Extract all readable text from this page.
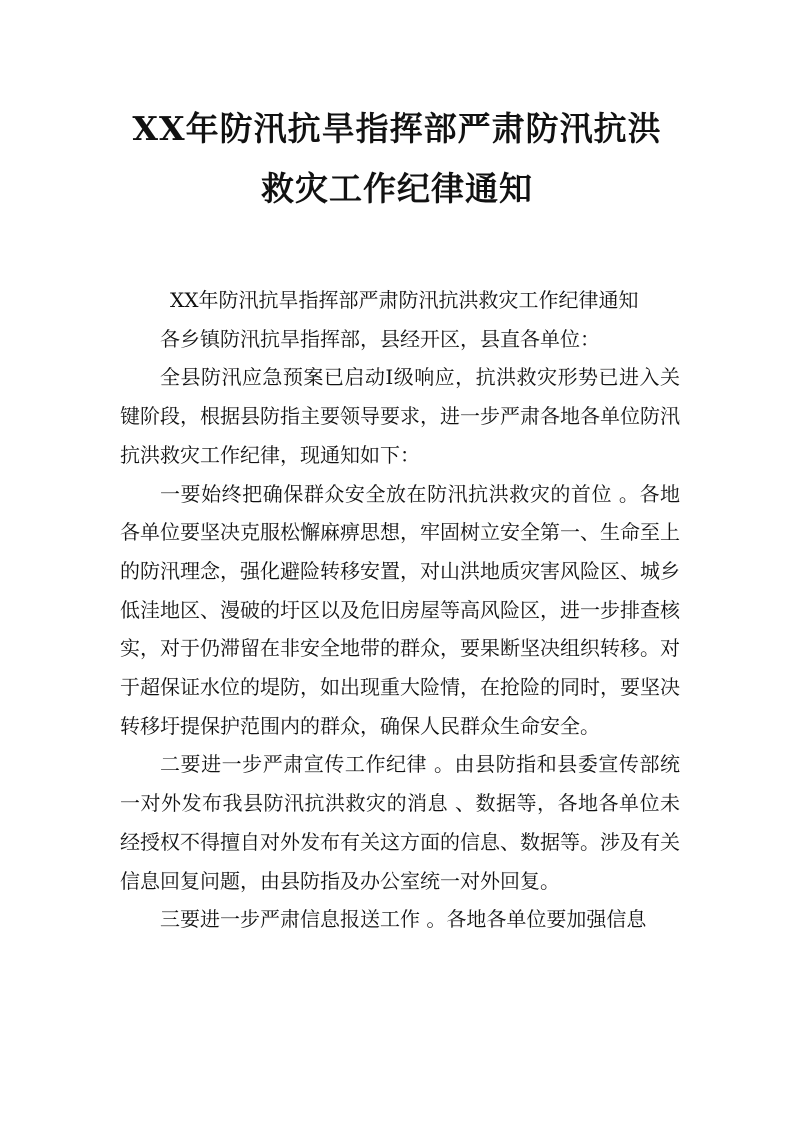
XX年防汛抗旱指挥部严肃防汛抗洪
救灾工作纪律通知

XX年防汛抗旱指挥部严肃防汛抗洪救灾工作纪律通知

各乡镇防汛抗旱指挥部，县经开区，县直各单位：

全县防汛应急预案已启动Ⅰ级响应，抗洪救灾形势已进入关键阶段，根据县防指主要领导要求，进一步严肃各地各单位防汛抗洪救灾工作纪律，现通知如下：

一要始终把确保群众安全放在防汛抗洪救灾的首位 。各地各单位要坚决克服松懈麻痹思想，牢固树立安全第一、生命至上的防汛理念，强化避险转移安置，对山洪地质灾害风险区、城乡低洼地区、漫破的圩区以及危旧房屋等高风险区，进一步排查核实，对于仍滞留在非安全地带的群众，要果断坚决组织转移。对于超保证水位的堤防，如出现重大险情，在抢险的同时，要坚决转移圩提保护范围内的群众，确保人民群众生命安全。

二要进一步严肃宣传工作纪律 。由县防指和县委宣传部统一对外发布我县防汛抗洪救灾的消息 、数据等，各地各单位未经授权不得擅自对外发布有关这方面的信息、数据等。涉及有关信息回复问题，由县防指及办公室统一对外回复。

三要进一步严肃信息报送工作 。各地各单位要加强信息
